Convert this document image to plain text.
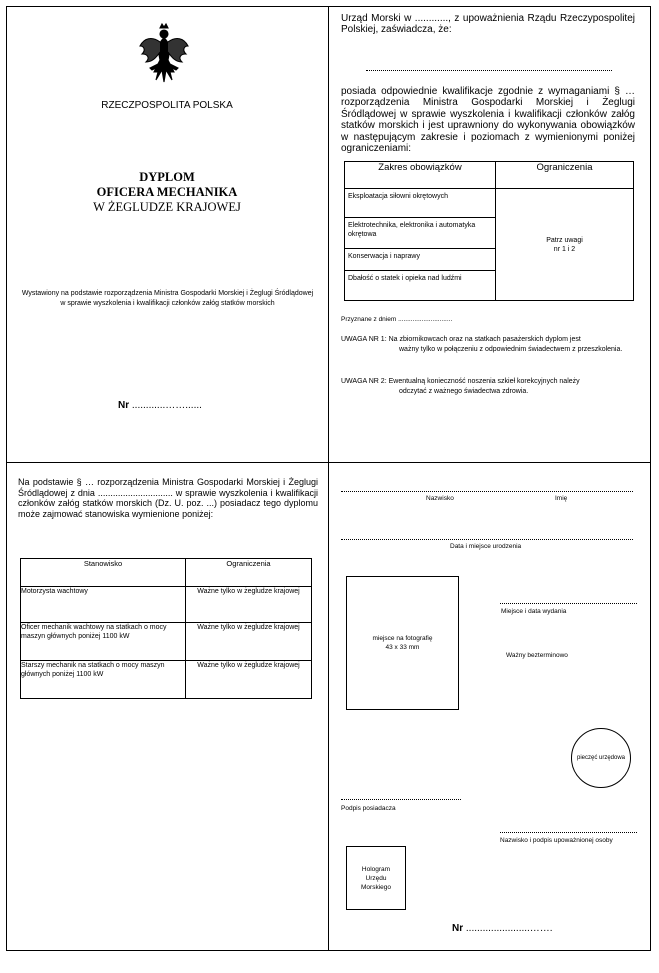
RZECZPOSPOLITA POLSKA
DYPLOM
OFICERA MECHANIKA
W ŻEGLUDZE KRAJOWEJ
Wystawiony na podstawie rozporządzenia Ministra Gospodarki Morskiej i Żeglugi Śródlądowej w sprawie wyszkolenia i kwalifikacji członków załóg statków morskich
Nr ............……......
Urząd Morski w ............, z upoważnienia Rządu Rzeczypospolitej Polskiej, zaświadcza, że:
posiada odpowiednie kwalifikacje zgodnie z wymaganiami § … rozporządzenia Ministra Gospodarki Morskiej i Żeglugi Śródlądowej w sprawie wyszkolenia i kwalifikacji członków załóg statków morskich i jest uprawniony do wykonywania obowiązków w następującym zakresie i poziomach z wymienionymi poniżej ograniczeniami:
Zakres obowiązków	Ograniczenia
Eksploatacja siłowni okrętowych	Patrz uwagi
nr 1 i 2
Elektrotechnika, elektronika i automatyka okrętowa	
Konserwacja i naprawy	
Dbałość o statek i opieka nad ludźmi	
Przyznane z dniem ..............................
UWAGA NR 1: Na zbiornikowcach oraz na statkach pasażerskich dyplom jest
ważny tylko w połączeniu z odpowiednim świadectwem z przeszkolenia.
UWAGA NR 2: Ewentualną konieczność noszenia szkieł korekcyjnych należy
odczytać z ważnego świadectwa zdrowia.
Na podstawie § … rozporządzenia Ministra Gospodarki Morskiej i Żeglugi Śródlądowej z dnia .............................. w sprawie wyszkolenia i kwalifikacji członków załóg statków morskich (Dz. U. poz. ...) posiadacz tego dyplomu może zajmować stanowiska wymienione poniżej:
Stanowisko	Ograniczenia
Motorzysta wachtowy	Ważne tylko w żegludze krajowej
Oficer mechanik wachtowy na statkach o mocy maszyn głównych poniżej 1100 kW	Ważne tylko w żegludze krajowej
Starszy mechanik na statkach o mocy maszyn głównych poniżej 1100 kW	Ważne tylko w żegludze krajowej
Nazwisko	Imię
Data i miejsce urodzenia
miejsce na fotografię
43 x 33 mm
Miejsce i data wydania
Ważny bezterminowo
pieczęć urzędowa
Podpis posiadacza
Nazwisko i podpis upoważnionej osoby
Hologram
Urzędu
Morskiego
Nr .......................…….
